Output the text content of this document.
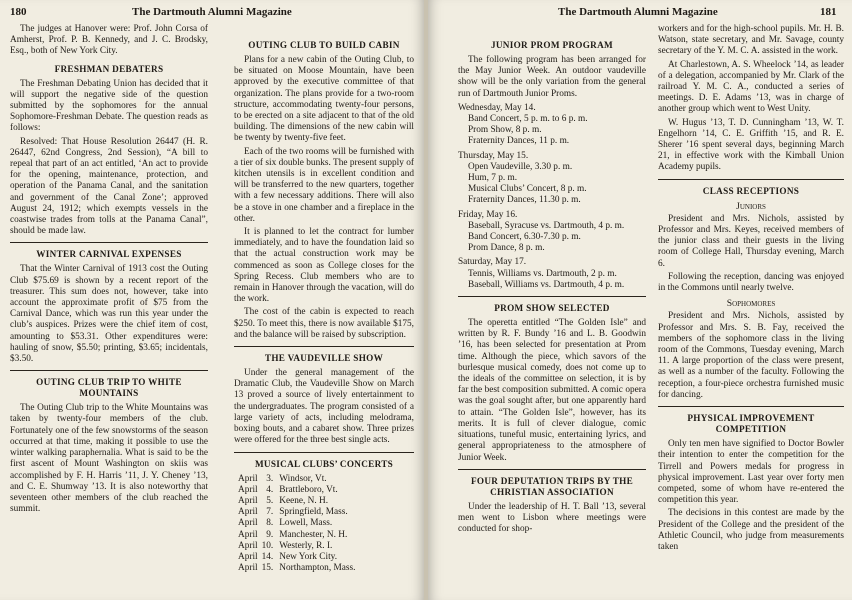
180	The Dartmouth Alumni Magazine

The judges at Hanover were: Prof. John Corsa of Amherst, Prof. P. B. Kennedy, and J. C. Brodsky, Esq., both of New York City.

FRESHMAN DEBATERS

The Freshman Debating Union has decided that it will support the negative side of the question submitted by the sophomores for the annual Sophomore-Freshman Debate. The question reads as follows:

Resolved: That House Resolution 26447 (H. R. 26447, 62nd Congress, 2nd Session), “A bill to repeal that part of an act entitled, ‘An act to provide for the opening, maintenance, protection, and operation of the Panama Canal, and the sanitation and government of the Canal Zone’; approved August 24, 1912; which exempts vessels in the coastwise trades from tolls at the Panama Canal”, should be made law.

WINTER CARNIVAL EXPENSES

That the Winter Carnival of 1913 cost the Outing Club $75.69 is shown by a recent report of the treasurer. This sum does not, however, take into account the approximate profit of $75 from the Carnival Dance, which was run this year under the club’s auspices. Prizes were the chief item of cost, amounting to $53.31. Other expenditures were: hauling of snow, $5.50; printing, $3.65; incidentals, $3.50.

OUTING CLUB TRIP TO WHITE MOUNTAINS

The Outing Club trip to the White Mountains was taken by twenty-four members of the club. Fortunately one of the few snowstorms of the season occurred at that time, making it possible to use the winter walking paraphernalia. What is said to be the first ascent of Mount Washington on skiis was accomplished by F. H. Harris ’11, J. Y. Cheney ’13, and C. E. Shumway ’13. It is also noteworthy that seventeen other members of the club reached the summit.

OUTING CLUB TO BUILD CABIN

Plans for a new cabin of the Outing Club, to be situated on Moose Mountain, have been approved by the executive committee of that organization. The plans provide for a two-room structure, accommodating twenty-four persons, to be erected on a site adjacent to that of the old building. The dimensions of the new cabin will be twenty by twenty-five feet.

Each of the two rooms will be furnished with a tier of six double bunks. The present supply of kitchen utensils is in excellent condition and will be transferred to the new quarters, together with a few necessary additions. There will also be a stove in one chamber and a fireplace in the other.

It is planned to let the contract for lumber immediately, and to have the foundation laid so that the actual construction work may be commenced as soon as College closes for the Spring Recess. Club members who are to remain in Hanover through the vacation, will do the work.

The cost of the cabin is expected to reach $250. To meet this, there is now available $175, and the balance will be raised by subscription.

THE VAUDEVILLE SHOW

Under the general management of the Dramatic Club, the Vaudeville Show on March 13 proved a source of lively entertainment to the undergraduates. The program consisted of a large variety of acts, including melodrama, boxing bouts, and a cabaret show. Three prizes were offered for the three best single acts.

MUSICAL CLUBS’ CONCERTS
April	3.	Windsor, Vt.
April	4.	Brattleboro, Vt.
April	5.	Keene, N. H.
April	7.	Springfield, Mass.
April	8.	Lowell, Mass.
April	9.	Manchester, N. H.
April	10.	Westerly, R. I.
April	14.	New York City.
April	15.	Northampton, Mass.
The Dartmouth Alumni Magazine	181
JUNIOR PROM PROGRAM

The following program has been arranged for the May Junior Week. An outdoor vaudeville show will be the only variation from the general run of Dartmouth Junior Proms.

Wednesday, May 14.
Band Concert, 5 p. m. to 6 p. m.
Prom Show, 8 p. m.
Fraternity Dances, 11 p. m.
Thursday, May 15.
Open Vaudeville, 3.30 p. m.
Hum, 7 p. m.
Musical Clubs’ Concert, 8 p. m.
Fraternity Dances, 11.30 p. m.
Friday, May 16.
Baseball, Syracuse vs. Dartmouth, 4 p. m.
Band Concert, 6.30-7.30 p. m.
Prom Dance, 8 p. m.
Saturday, May 17.
Tennis, Williams vs. Dartmouth, 2 p. m.
Baseball, Williams vs. Dartmouth, 4 p. m.
PROM SHOW SELECTED

The operetta entitled “The Golden Isle” and written by R. F. Bundy ’16 and L. B. Goodwin ’16, has been selected for presentation at Prom time. Although the piece, which savors of the burlesque musical comedy, does not come up to the ideals of the committee on selection, it is by far the best composition submitted. A comic opera was the goal sought after, but one apparently hard to attain. “The Golden Isle”, however, has its merits. It is full of clever dialogue, comic situations, tuneful music, entertaining lyrics, and general appropriateness to the atmosphere of Junior Week.

FOUR DEPUTATION TRIPS BY THE CHRISTIAN ASSOCIATION

Under the leadership of H. T. Ball ’13, several men went to Lisbon where meetings were conducted for shop-

workers and for the high-school pupils. Mr. H. B. Watson, state secretary, and Mr. Savage, county secretary of the Y. M. C. A. assisted in the work.

At Charlestown, A. S. Wheelock ’14, as leader of a delegation, accompanied by Mr. Clark of the railroad Y. M. C. A., conducted a series of meetings. D. E. Adams ’13, was in charge of another group which went to West Unity.

W. Hugus ’13, T. D. Cunningham ’13, W. T. Engelhorn ’14, C. E. Griffith ’15, and R. E. Sherer ’16 spent several days, beginning March 21, in effective work with the Kimball Union Academy pupils.

CLASS RECEPTIONS
Juniors

President and Mrs. Nichols, assisted by Professor and Mrs. Keyes, received members of the junior class and their guests in the living room of College Hall, Thursday evening, March 6.

Following the reception, dancing was enjoyed in the Commons until nearly twelve.

Sophomores

President and Mrs. Nichols, assisted by Professor and Mrs. S. B. Fay, received the members of the sophomore class in the living room of the Commons, Tuesday evening, March 11. A large proportion of the class were present, as well as a number of the faculty. Following the reception, a four-piece orchestra furnished music for dancing.

PHYSICAL IMPROVEMENT COMPETITION

Only ten men have signified to Doctor Bowler their intention to enter the competition for the Tirrell and Powers medals for progress in physical improvement. Last year over forty men competed, some of whom have re-entered the competition this year.

The decisions in this contest are made by the President of the College and the president of the Athletic Council, who judge from measurements taken
